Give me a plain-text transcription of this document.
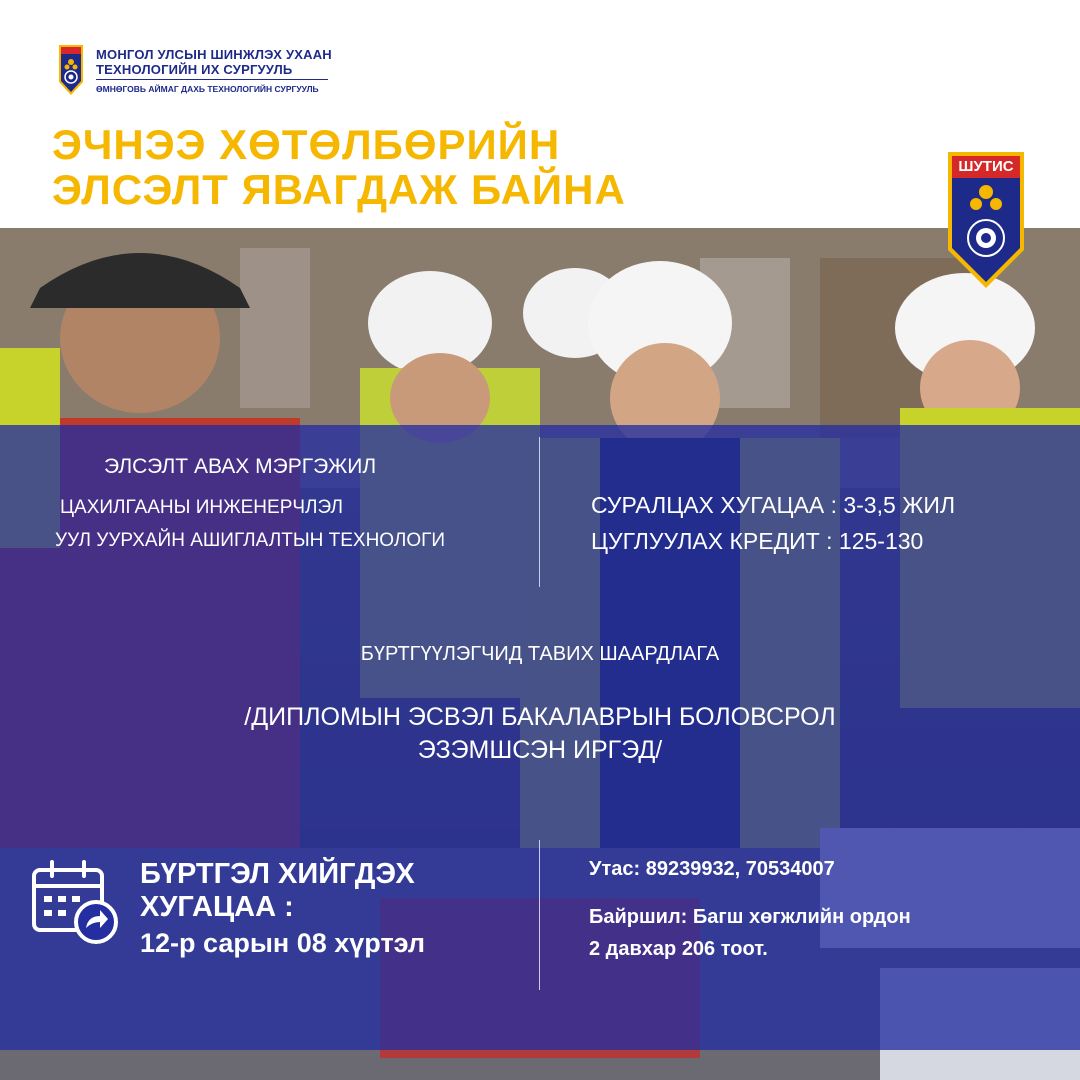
МОНГОЛ УЛСЫН ШИНЖЛЭХ УХААН
ТЕХНОЛОГИЙН ИХ СУРГУУЛЬ
ӨМНӨГОВЬ АЙМАГ ДАХЬ ТЕХНОЛОГИЙН СУРГУУЛЬ
ЭЧНЭЭ ХӨТӨЛБӨРИЙН
ЭЛСЭЛТ ЯВАГДАЖ БАЙНА	ШУТИС
ЭЛСЭЛТ АВАХ МЭРГЭЖИЛ
ЦАХИЛГААНЫ ИНЖЕНЕРЧЛЭЛ
УУЛ УУРХАЙН АШИГЛАЛТЫН ТЕХНОЛОГИ
СУРАЛЦАХ ХУГАЦАА : 3-3,5 ЖИЛ
ЦУГЛУУЛАХ КРЕДИТ : 125-130
БҮРТГҮҮЛЭГЧИД ТАВИХ ШААРДЛАГА
/ДИПЛОМЫН ЭСВЭЛ БАКАЛАВРЫН БОЛОВСРОЛ
ЭЗЭМШСЭН ИРГЭД/
БҮРТГЭЛ ХИЙГДЭХ
ХУГАЦАА :
12-р сарын 08 хүртэл
Утас: 89239932, 70534007
Байршил: Багш хөгжлийн ордон
2 давхар 206 тоот.
